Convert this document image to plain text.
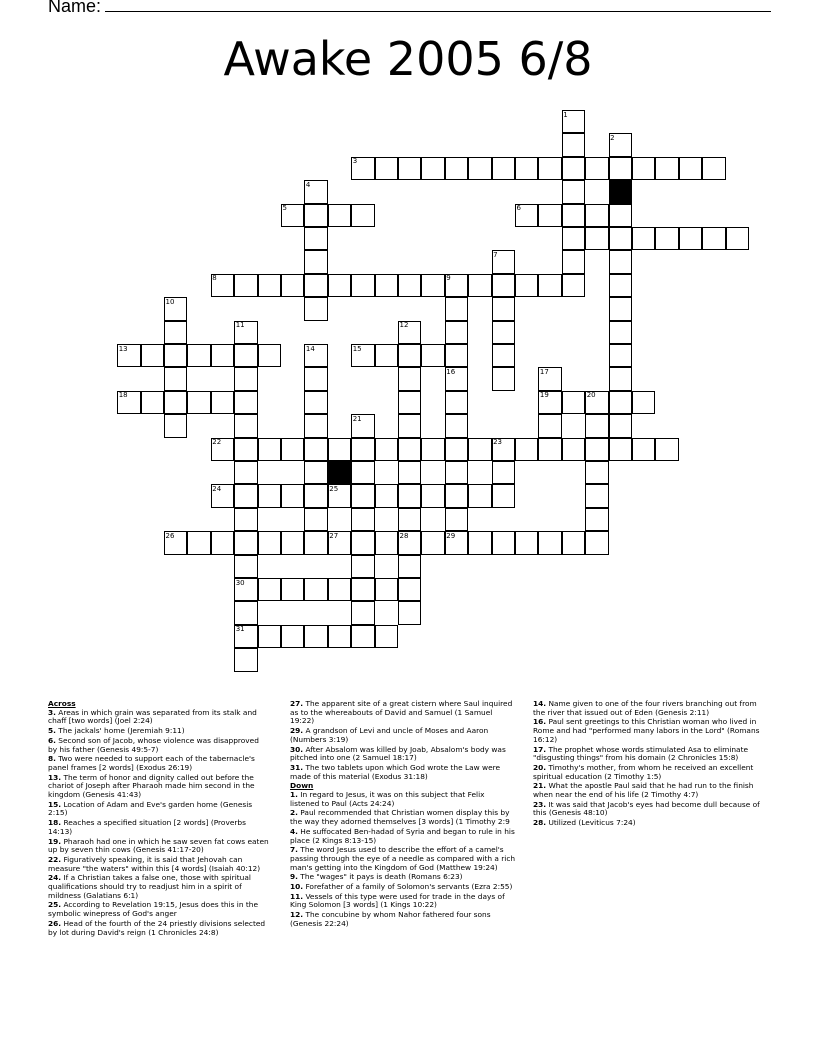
Name:
Awake 2005 6/8
1
2
3
4
5	6
7
8	9
10
11	12
13	14	15
16	17
18	19	20
21
22	23
24	25
26	27	28	29
30
31
Across
3. Areas in which grain was separated from its stalk and chaff [two words] (Joel 2:24)
5. The jackals' home (Jeremiah 9:11)
6. Second son of Jacob, whose violence was disapproved by his father (Genesis 49:5-7)
8. Two were needed to support each of the tabernacle's panel frames [2 words] (Exodus 26:19)
13. The term of honor and dignity called out before the chariot of Joseph after Pharaoh made him second in the kingdom (Genesis 41:43)
15. Location of Adam and Eve's garden home (Genesis 2:15)
18. Reaches a specified situation [2 words] (Proverbs 14:13)
19. Pharaoh had one in which he saw seven fat cows eaten up by seven thin cows (Genesis 41:17-20)
22. Figuratively speaking, it is said that Jehovah can measure "the waters" within this [4 words] (Isaiah 40:12)
24. If a Christian takes a false one, those with spiritual qualifications should try to readjust him in a spirit of mildness (Galatians 6:1)
25. According to Revelation 19:15, Jesus does this in the symbolic winepress of God's anger
26. Head of the fourth of the 24 priestly divisions selected by lot during David's reign (1 Chronicles 24:8)
27. The apparent site of a great cistern where Saul inquired as to the whereabouts of David and Samuel (1 Samuel 19:22)
29. A grandson of Levi and uncle of Moses and Aaron (Numbers 3:19)
30. After Absalom was killed by Joab, Absalom's body was pitched into one (2 Samuel 18:17)
31. The two tablets upon which God wrote the Law were made of this material (Exodus 31:18)
Down
1. In regard to Jesus, it was on this subject that Felix listened to Paul (Acts 24:24)
2. Paul recommended that Christian women display this by the way they adorned themselves [3 words] (1 Timothy 2:9
4. He suffocated Ben-hadad of Syria and began to rule in his place (2 Kings 8:13-15)
7. The word Jesus used to describe the effort of a camel's passing through the eye of a needle as compared with a rich man's getting into the Kingdom of God (Matthew 19:24)
9. The "wages" it pays is death (Romans 6:23)
10. Forefather of a family of Solomon's servants (Ezra 2:55)
11. Vessels of this type were used for trade in the days of King Solomon [3 words] (1 Kings 10:22)
12. The concubine by whom Nahor fathered four sons (Genesis 22:24)
14. Name given to one of the four rivers branching out from the river that issued out of Eden (Genesis 2:11)
16. Paul sent greetings to this Christian woman who lived in Rome and had "performed many labors in the Lord" (Romans 16:12)
17. The prophet whose words stimulated Asa to eliminate "disgusting things" from his domain (2 Chronicles 15:8)
20. Timothy's mother, from whom he received an excellent spiritual education (2 Timothy 1:5)
21. What the apostle Paul said that he had run to the finish when near the end of his life (2 Timothy 4:7)
23. It was said that Jacob's eyes had become dull because of this (Genesis 48:10)
28. Utilized (Leviticus 7:24)
